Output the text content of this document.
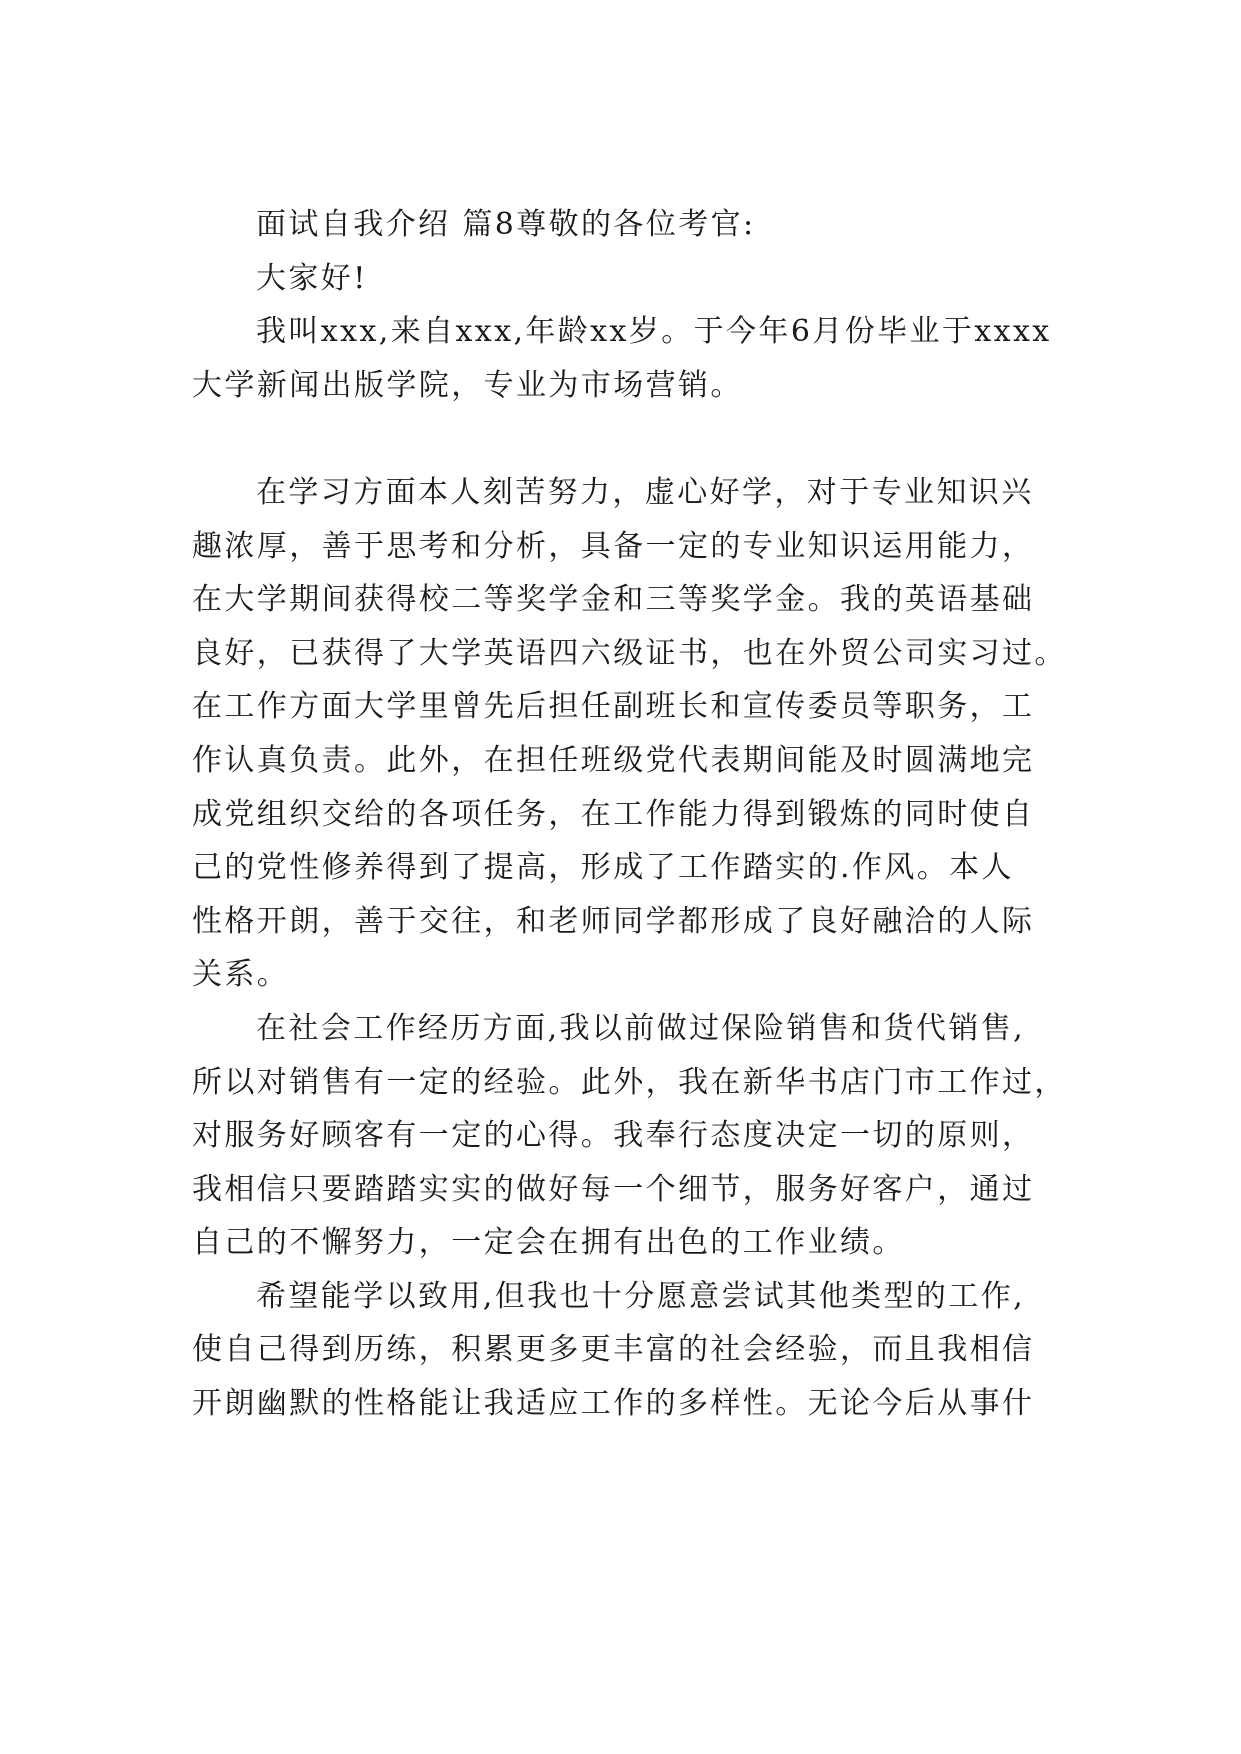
面试自我介绍 篇8尊敬的各位考官:
大家好!
我叫xxx,来自xxx,年龄xx岁。于今年6月份毕业于xxxx
大学新闻出版学院，专业为市场营销。
在学习方面本人刻苦努力，虚心好学，对于专业知识兴
趣浓厚，善于思考和分析，具备一定的专业知识运用能力，
在大学期间获得校二等奖学金和三等奖学金。我的英语基础
良好，已获得了大学英语四六级证书，也在外贸公司实习过。
在工作方面大学里曾先后担任副班长和宣传委员等职务，工
作认真负责。此外，在担任班级党代表期间能及时圆满地完
成党组织交给的各项任务，在工作能力得到锻炼的同时使自
己的党性修养得到了提高，形成了工作踏实的.作风。本人
性格开朗，善于交往，和老师同学都形成了良好融洽的人际
关系。
在社会工作经历方面,我以前做过保险销售和货代销售,
所以对销售有一定的经验。此外，我在新华书店门市工作过，
对服务好顾客有一定的心得。我奉行态度决定一切的原则，
我相信只要踏踏实实的做好每一个细节，服务好客户，通过
自己的不懈努力，一定会在拥有出色的工作业绩。
希望能学以致用,但我也十分愿意尝试其他类型的工作,
使自己得到历练，积累更多更丰富的社会经验，而且我相信
开朗幽默的性格能让我适应工作的多样性。无论今后从事什
